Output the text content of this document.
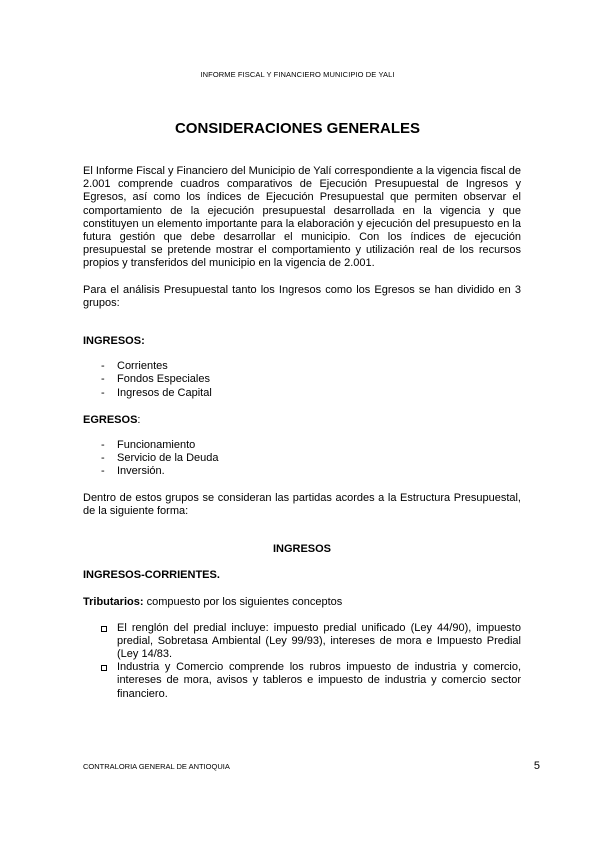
INFORME FISCAL Y FINANCIERO MUNICIPIO DE YALI
CONSIDERACIONES GENERALES

El Informe Fiscal y Financiero del Municipio de Yalí correspondiente a la vigencia fiscal de 2.001 comprende cuadros comparativos de Ejecución Presupuestal de Ingresos y Egresos, así como los índices de Ejecución Presupuestal que permiten observar el comportamiento de la ejecución presupuestal desarrollada en la vigencia y que constituyen un elemento importante para la elaboración y ejecución del presupuesto en la futura gestión que debe desarrollar el municipio. Con los índices de ejecución presupuestal se pretende mostrar el comportamiento y utilización real de los recursos propios y transferidos del municipio en la vigencia de 2.001.

Para el análisis Presupuestal tanto los Ingresos como los Egresos se han dividido en 3 grupos:

INGRESOS:
- Corrientes
- Fondos Especiales
- Ingresos de Capital
EGRESOS:
- Funcionamiento
- Servicio de la Deuda
- Inversión.

Dentro de estos grupos se consideran las partidas acordes a la Estructura Presupuestal, de la siguiente forma:

INGRESOS
INGRESOS-CORRIENTES.
Tributarios: compuesto por los siguientes conceptos
El renglón del predial incluye: impuesto predial unificado (Ley 44/90), impuesto predial, Sobretasa Ambiental (Ley 99/93), intereses de mora e Impuesto Predial (Ley 14/83.
Industria y Comercio comprende los rubros impuesto de industria y comercio, intereses de mora, avisos y tableros e impuesto de industria y comercio sector financiero.
CONTRALORIA GENERAL DE ANTIOQUIA	5
